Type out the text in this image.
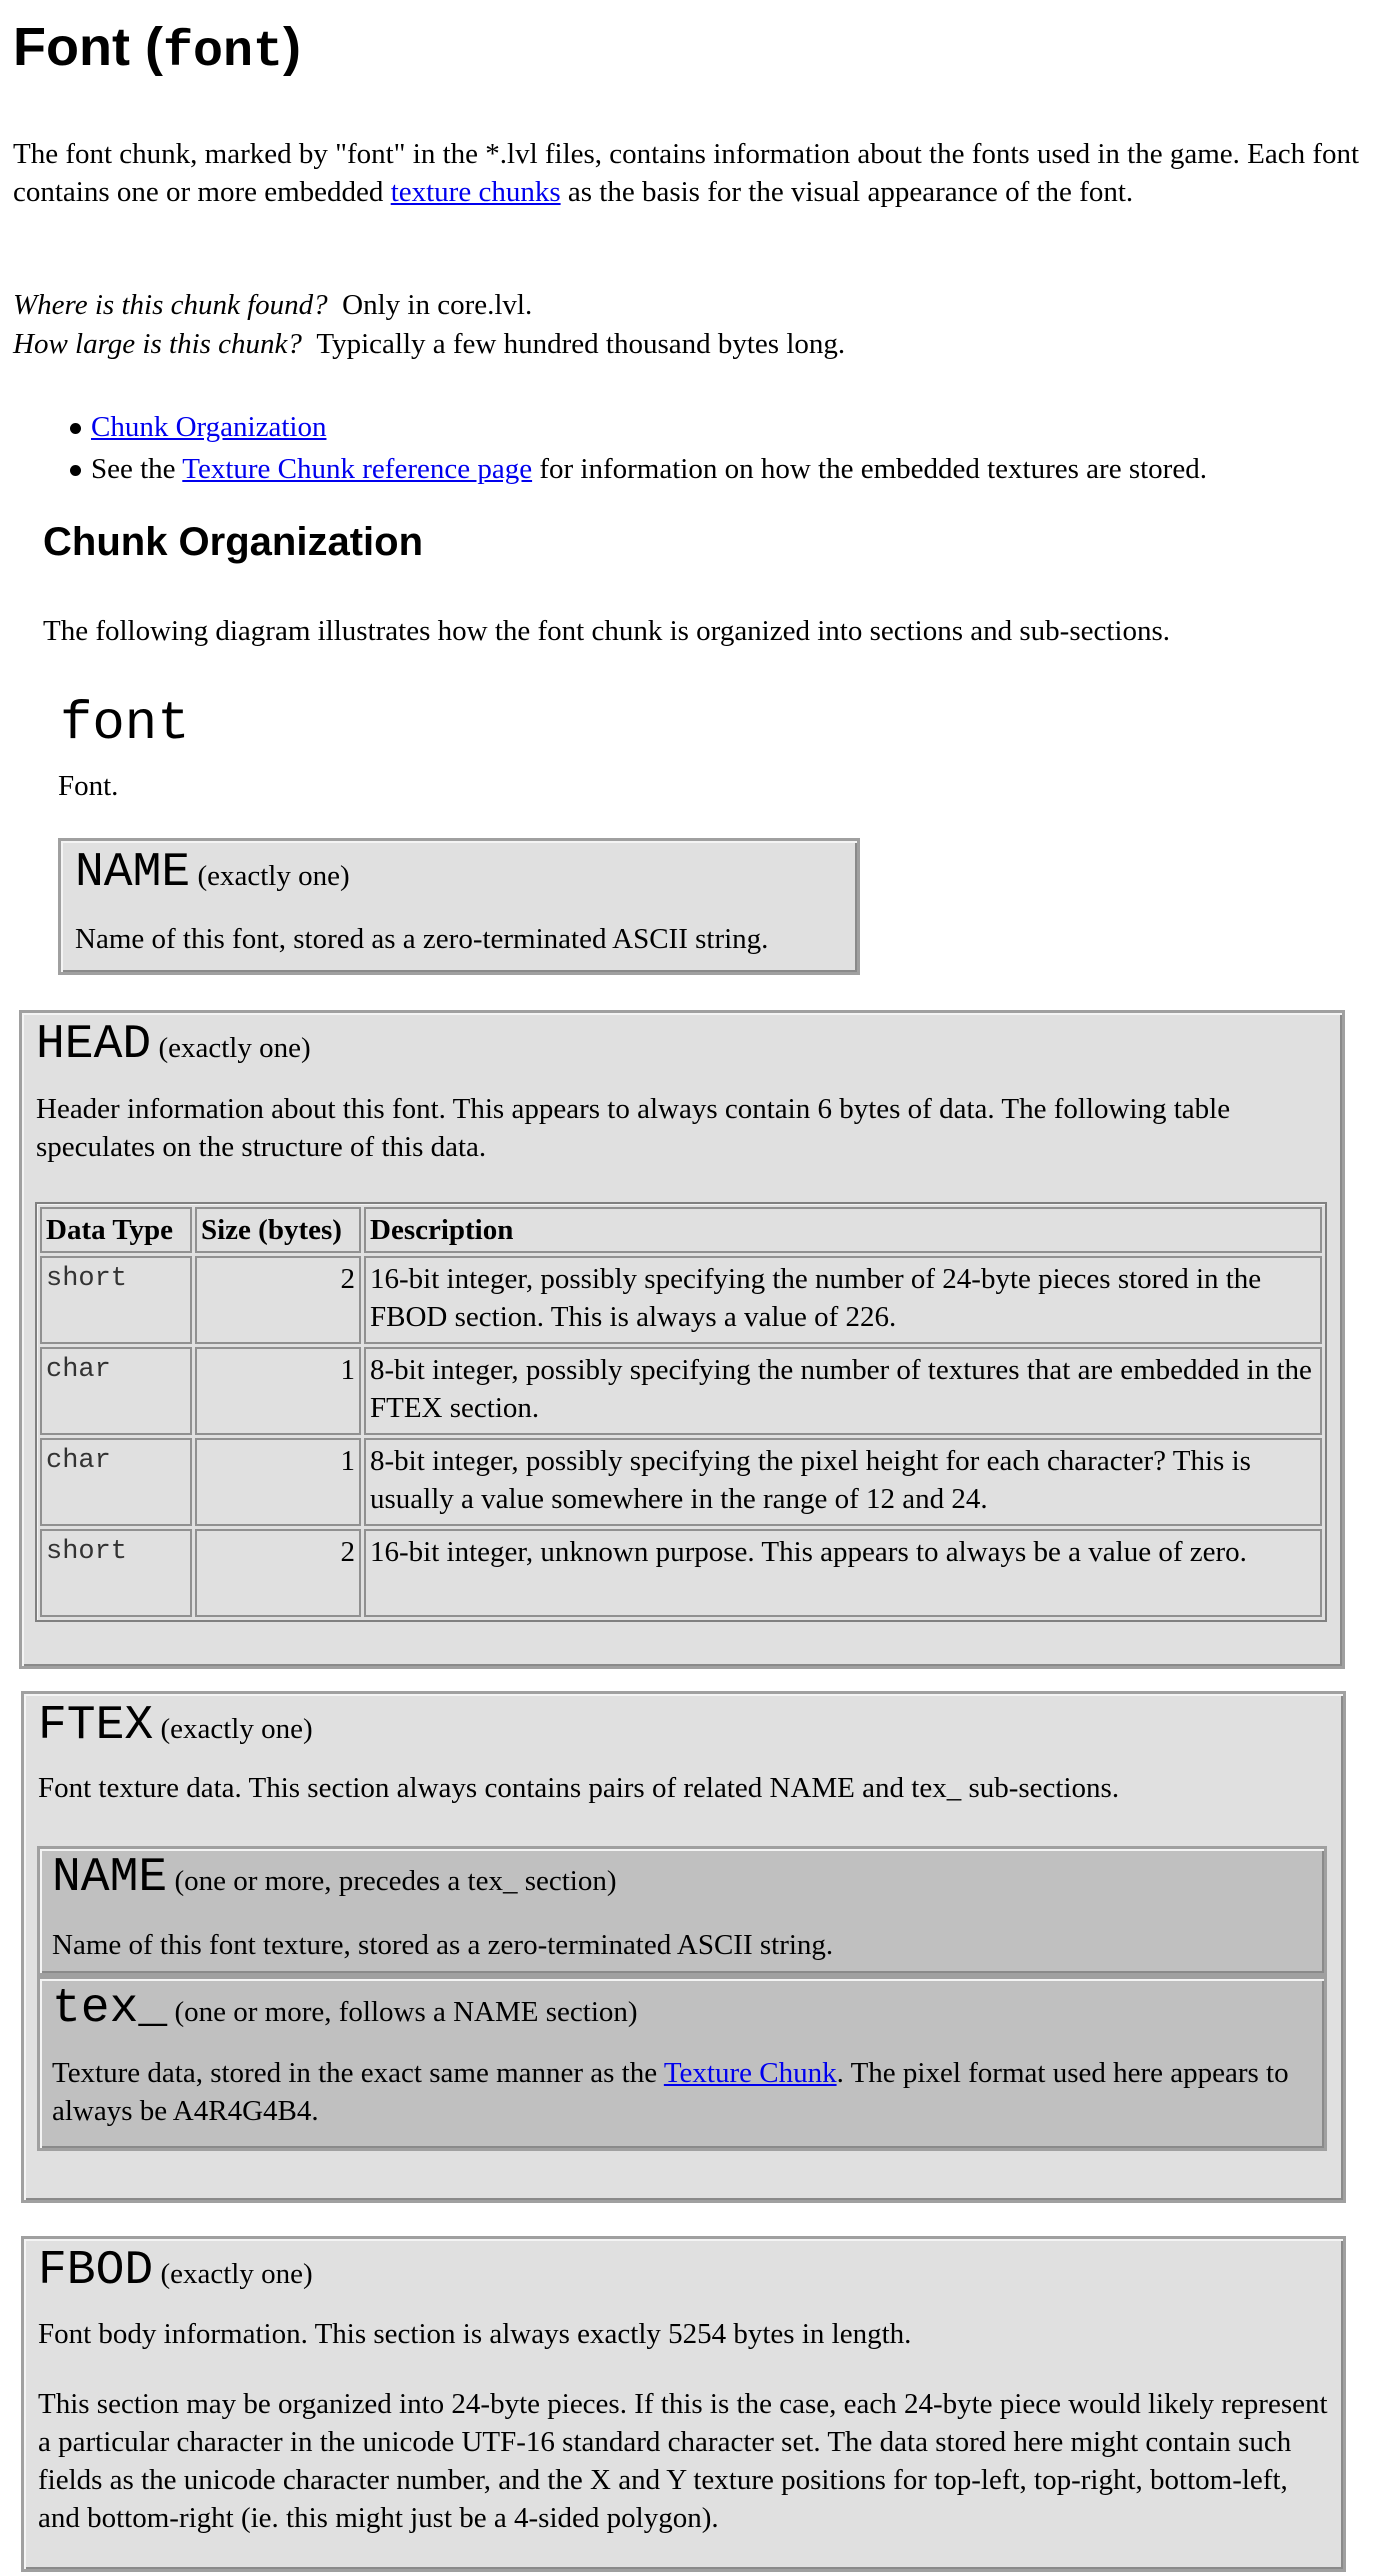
Font (font)
The font chunk, marked by "font" in the *.lvl files, contains information about the fonts used in the game. Each font contains one or more embedded texture chunks as the basis for the visual appearance of the font.
Where is this chunk found? Only in core.lvl.
How large is this chunk? Typically a few hundred thousand bytes long.
Chunk Organization
See the Texture Chunk reference page for information on how the embedded textures are stored.
Chunk Organization
The following diagram illustrates how the font chunk is organized into sections and sub-sections.
font
Font.
NAME (exactly one)
Name of this font, stored as a zero-terminated ASCII string.
HEAD (exactly one)
Header information about this font. This appears to always contain 6 bytes of data. The following table speculates on the structure of this data.
Data Type	Size (bytes)	Description
short	2	16-bit integer, possibly specifying the number of 24-byte pieces stored in the FBOD section. This is always a value of 226.
char	1	8-bit integer, possibly specifying the number of textures that are embedded in the FTEX section.
char	1	8-bit integer, possibly specifying the pixel height for each character? This is usually a value somewhere in the range of 12 and 24.
short	2	16-bit integer, unknown purpose. This appears to always be a value of zero.
FTEX (exactly one)
Font texture data. This section always contains pairs of related NAME and tex_ sub-sections.
NAME (one or more, precedes a tex_ section)
Name of this font texture, stored as a zero-terminated ASCII string.
tex_ (one or more, follows a NAME section)
Texture data, stored in the exact same manner as the Texture Chunk. The pixel format used here appears to always be A4R4G4B4.
FBOD (exactly one)
Font body information. This section is always exactly 5254 bytes in length.
This section may be organized into 24-byte pieces. If this is the case, each 24-byte piece would likely represent a particular character in the unicode UTF-16 standard character set. The data stored here might contain such fields as the unicode character number, and the X and Y texture positions for top-left, top-right, bottom-left, and bottom-right (ie. this might just be a 4-sided polygon).
